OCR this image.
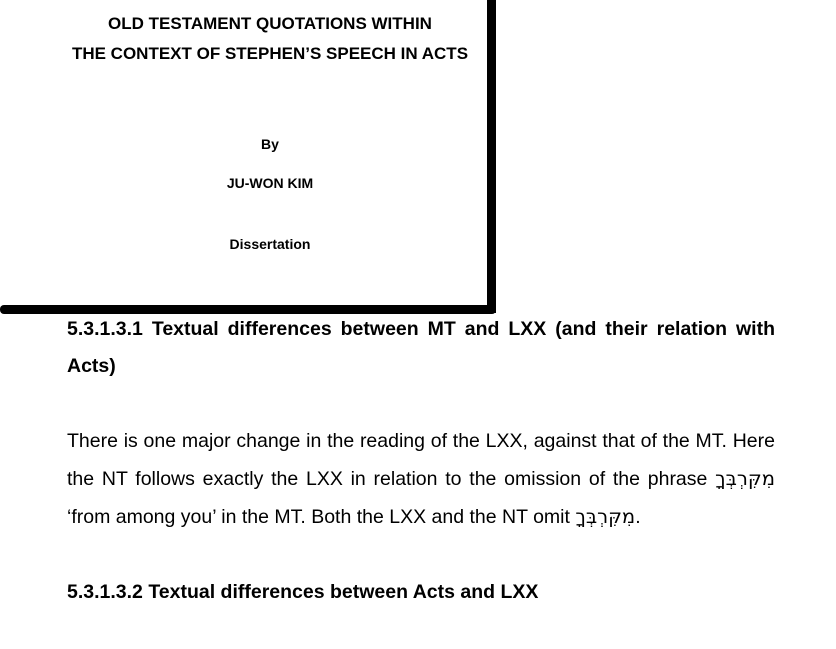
OLD TESTAMENT QUOTATIONS WITHIN
THE CONTEXT OF STEPHEN’S SPEECH IN ACTS
By
JU-WON KIM
Dissertation

5.3.1.3.1 Textual differences between MT and LXX (and their relation with Acts)

There is one major change in the reading of the LXX, against that of the MT. Here the NT follows exactly the LXX in relation to the omission of the phrase מִקִּרְבְּךָ ‘from among you’ in the MT. Both the LXX and the NT omit מִקִּרְבְּךָ.

5.3.1.3.2 Textual differences between Acts and LXX
